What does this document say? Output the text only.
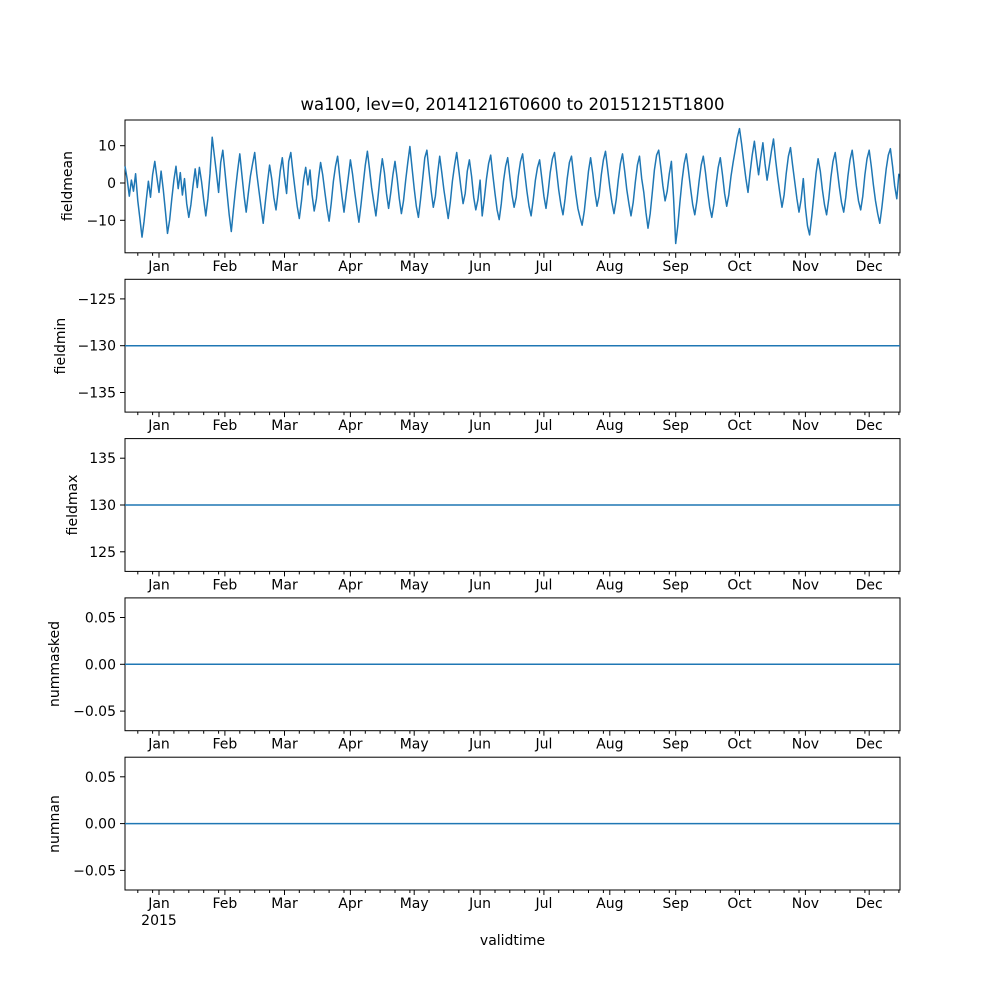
10
0
−10
Jan	Feb Mar	Apr	May	Jun	Jul	Aug	Sep	Oct	Nov	Dec
−125
−130
−135
Jan	Feb Mar	Apr	May	Jun	Jul	Aug	Sep	Oct	Nov	Dec
135
130
125
Jan	Feb Mar	Apr	May	Jun	Jul	Aug	Sep	Oct	Nov	Dec
0.05
0.00
−0.05
Jan	Feb Mar	Apr	May	Jun	Jul	Aug	Sep	Oct	Nov	Dec
0.05
0.00
−0.05
Jan	Feb Mar	Apr	May	Jun	Jul	Aug	Sep	Oct	Nov	Dec
wa100, lev=0, 20141216T0600 to 20151215T1800
fieldmean
fieldmin
fieldmax
nummasked
numnan
2015
validtime
